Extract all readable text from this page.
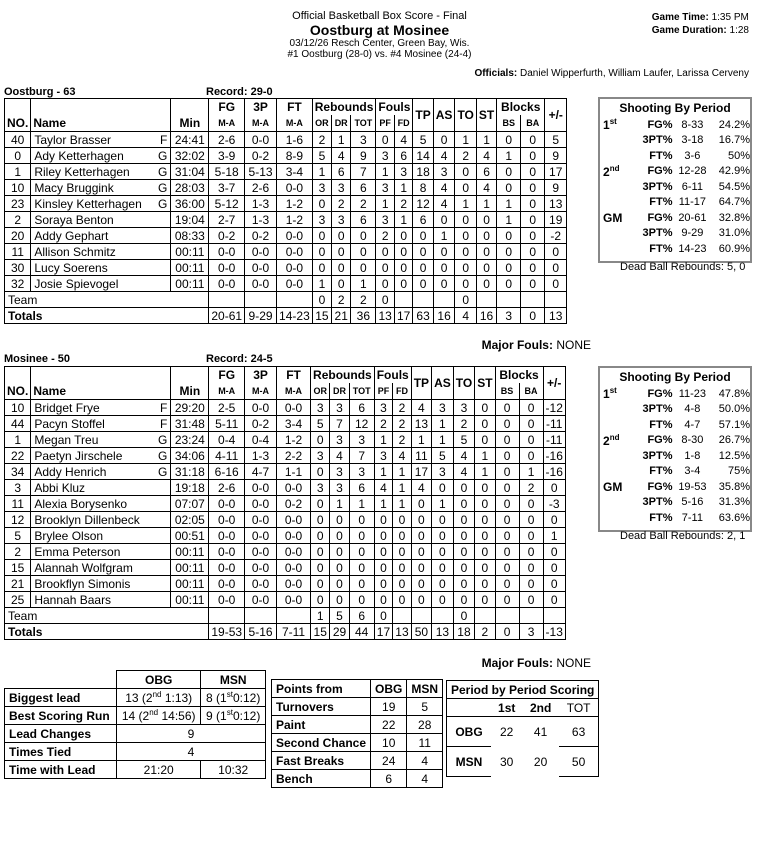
Official Basketball Box Score - Final
Oostburg at Mosinee
03/12/26 Resch Center, Green Bay, Wis.
#1 Oostburg (28-0) vs. #4 Mosinee (24-4)
Game Time: 1:35 PM
Game Duration: 1:28
Officials: Daniel Wipperfurth, William Laufer, Larissa Cerveny
Oostburg - 63	Record: 29-0
			FG	3P	FT	Rebounds			Fouls		TP	AS	TO	ST	Blocks		+/-
NO.	Name	Min	M-A	M-A	M-A	OR	DR	TOT	PF	FD					BS	BA	
40	Taylor Brasser F	24:41	2-6	0-0	1-6	2	1	3	0	4	5	0	1	1	0	0	5
0	Ady Ketterhagen G	32:02	3-9	0-2	8-9	5	4	9	3	6	14	4	2	4	1	0	9
1	Riley Ketterhagen G	31:04	5-18	5-13	3-4	1	6	7	1	3	18	3	0	6	0	0	17
10	Macy Bruggink G	28:03	3-7	2-6	0-0	3	3	6	3	1	8	4	0	4	0	0	9
23	Kinsley Ketterhagen G	36:00	5-12	1-3	1-2	0	2	2	1	2	12	4	1	1	1	0	13
2	Soraya Benton	19:04	2-7	1-3	1-2	3	3	6	3	1	6	0	0	0	1	0	19
20	Addy Gephart	08:33	0-2	0-2	0-0	0	0	0	2	0	0	1	0	0	0	0	-2
11	Allison Schmitz	00:11	0-0	0-0	0-0	0	0	0	0	0	0	0	0	0	0	0	0
30	Lucy Soerens	00:11	0-0	0-0	0-0	0	0	0	0	0	0	0	0	0	0	0	0
32	Josie Spievogel	00:11	0-0	0-0	0-0	1	0	1	0	0	0	0	0	0	0	0	0
Team						0	2	2	0				0				
Totals			20-61	9-29	14-23	15	21	36	13	17	63	16	4	16	3	0	13
Major Fouls: NONE
Shooting By Period
1st	FG% 8-33	24.2%
3PT% 3-18	16.7%
FT%	3-6	50%
2nd	FG% 12-28	42.9%
3PT% 6-11	54.5%
FT% 11-17	64.7%
GM	FG% 20-61	32.8%
3PT% 9-29	31.0%
FT% 14-23	60.9%
Dead Ball Rebounds: 5, 0
Mosinee - 50	Record: 24-5
			FG	3P	FT	Rebounds			Fouls		TP	AS	TO	ST	Blocks		+/-
NO.	Name	Min	M-A	M-A	M-A	OR	DR	TOT	PF	FD					BS	BA	
10	Bridget Frye F	29:20	2-5	0-0	0-0	3	3	6	3	2	4	3	3	0	0	0	-12
44	Pacyn Stoffel F	31:48	5-11	0-2	3-4	5	7	12	2	2	13	1	2	0	0	0	-11
1	Megan Treu G	23:24	0-4	0-4	1-2	0	3	3	1	2	1	1	5	0	0	0	-11
22	Paetyn Jirschele G	34:06	4-11	1-3	2-2	3	4	7	3	4	11	5	4	1	0	0	-16
34	Addy Henrich G	31:18	6-16	4-7	1-1	0	3	3	1	1	17	3	4	1	0	1	-16
3	Abbi Kluz	19:18	2-6	0-0	0-0	3	3	6	4	1	4	0	0	0	0	2	0
11	Alexia Borysenko	07:07	0-0	0-0	0-2	0	1	1	1	1	0	1	0	0	0	0	-3
12	Brooklyn Dillenbeck	02:05	0-0	0-0	0-0	0	0	0	0	0	0	0	0	0	0	0	0
5	Brylee Olson	00:51	0-0	0-0	0-0	0	0	0	0	0	0	0	0	0	0	0	1
2	Emma Peterson	00:11	0-0	0-0	0-0	0	0	0	0	0	0	0	0	0	0	0	0
15	Alannah Wolfgram	00:11	0-0	0-0	0-0	0	0	0	0	0	0	0	0	0	0	0	0
21	Brookflyn Simonis	00:11	0-0	0-0	0-0	0	0	0	0	0	0	0	0	0	0	0	0
25	Hannah Baars	00:11	0-0	0-0	0-0	0	0	0	0	0	0	0	0	0	0	0	0
Team						1	5	6	0				0				
Totals			19-53	5-16	7-11	15	29	44	17	13	50	13	18	2	0	3	-13
Major Fouls: NONE
Shooting By Period
1st	FG% 11-23	47.8%
3PT%	4-8	50.0%
FT%	4-7	57.1%
2nd	FG% 8-30	26.7%
3PT%	1-8	12.5%
FT%	3-4	75%
GM	FG% 19-53	35.8%
3PT% 5-16	31.3%
FT% 7-11	63.6%
Dead Ball Rebounds: 2, 1
	OBG	MSN
Biggest lead	13 (2nd 1:13)	8 (1st0:12)
Best Scoring Run	14 (2nd 14:56)	9 (1st0:12)
Lead Changes	9	
Times Tied	4	
Time with Lead	21:20	10:32
Points from	OBG	MSN
Turnovers	19	5
Paint	22	28
Second Chance	10	11
Fast Breaks	24	4
Bench	6	4
Period by Period Scoring			
	1st	2nd	TOT
OBG	22	41	63
MSN	30	20	50
